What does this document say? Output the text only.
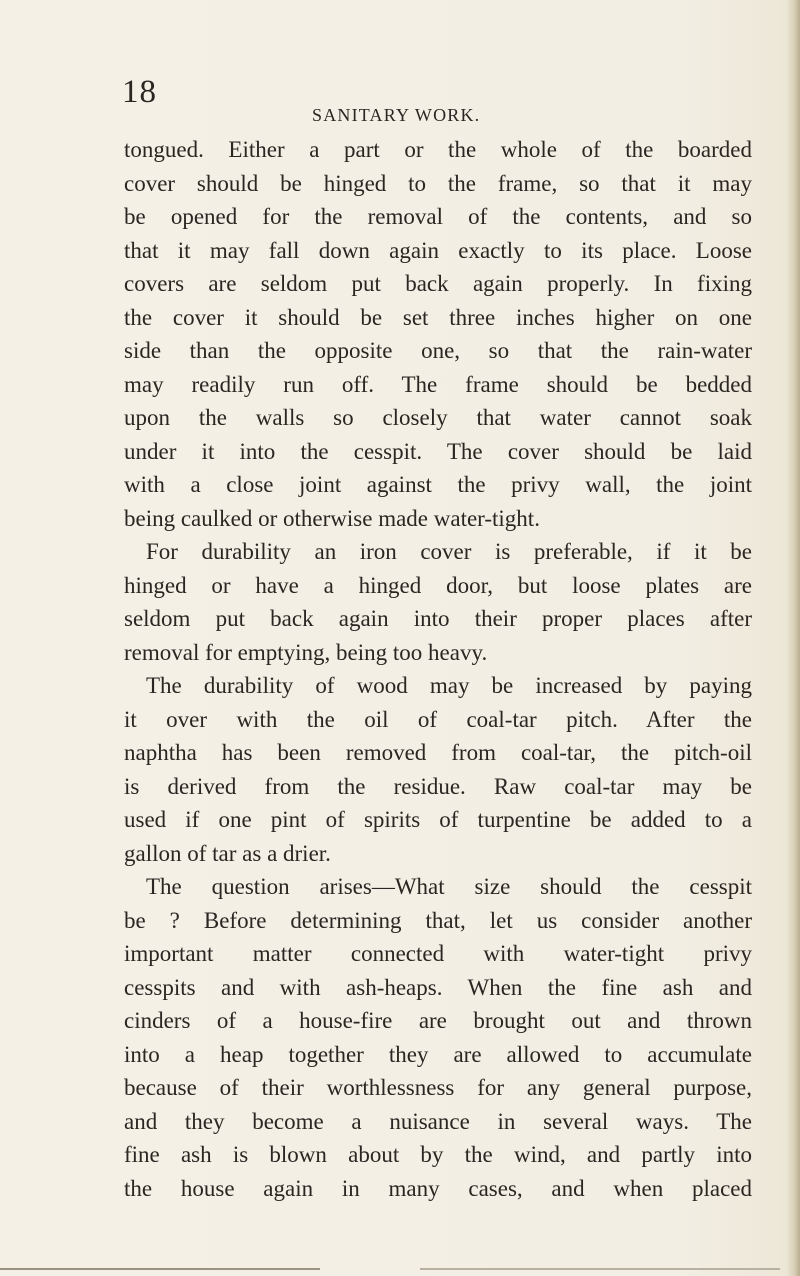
18
SANITARY WORK.
tongued. Either a part or the whole of the boarded
cover should be hinged to the frame, so that it may
be opened for the removal of the contents, and so
that it may fall down again exactly to its place. Loose
covers are seldom put back again properly. In fixing
the cover it should be set three inches higher on one
side than the opposite one, so that the rain-water
may readily run off. The frame should be bedded
upon the walls so closely that water cannot soak
under it into the cesspit. The cover should be laid
with a close joint against the privy wall, the joint
being caulked or otherwise made water-tight.
For durability an iron cover is preferable, if it be
hinged or have a hinged door, but loose plates are
seldom put back again into their proper places after
removal for emptying, being too heavy.
The durability of wood may be increased by paying
it over with the oil of coal-tar pitch. After the
naphtha has been removed from coal-tar, the pitch-oil
is derived from the residue. Raw coal-tar may be
used if one pint of spirits of turpentine be added to a
gallon of tar as a drier.
The question arises—What size should the cesspit
be ? Before determining that, let us consider another
important matter connected with water-tight privy
cesspits and with ash-heaps. When the fine ash and
cinders of a house-fire are brought out and thrown
into a heap together they are allowed to accumulate
because of their worthlessness for any general purpose,
and they become a nuisance in several ways. The
fine ash is blown about by the wind, and partly into
the house again in many cases, and when placed
